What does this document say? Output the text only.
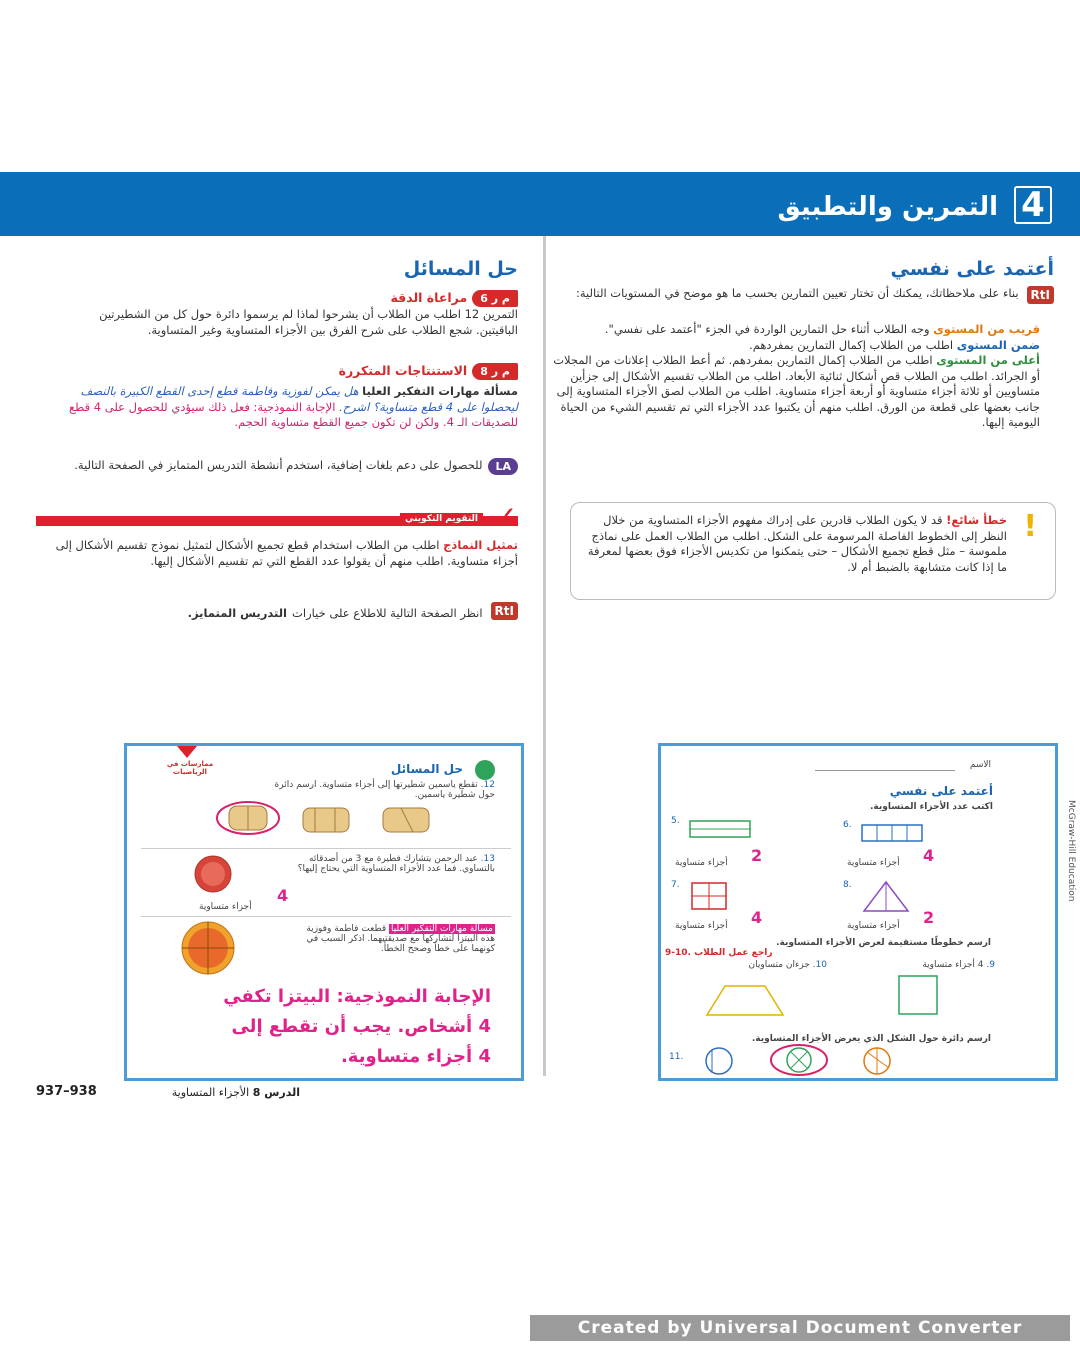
4
التمرين والتطبيق
أعتمد على نفسي
RtI
بناء على ملاحظاتك، يمكنك أن تختار تعيين التمارين بحسب ما هو موضح في المستويات التالية:
قريب من المستوى وجه الطلاب أثناء حل التمارين الواردة في الجزء "أعتمد على نفسي".
ضمن المستوى اطلب من الطلاب إكمال التمارين بمفردهم.
أعلى من المستوى اطلب من الطلاب إكمال التمارين بمفردهم. ثم أعط الطلاب إعلانات من المجلات أو الجرائد. اطلب من الطلاب قص أشكال ثنائية الأبعاد. اطلب من الطلاب تقسيم الأشكال إلى جزأين متساويين أو ثلاثة أجزاء متساوية أو أربعة أجزاء متساوية. اطلب من الطلاب لصق الأجزاء المتساوية إلى جانب بعضها على قطعة من الورق. اطلب منهم أن يكتبوا عدد الأجزاء التي تم تقسيم الشيء من الحياة اليومية إليها.
!
خطأ شائع! قد لا يكون الطلاب قادرين على إدراك مفهوم الأجزاء المتساوية من خلال النظر إلى الخطوط الفاصلة المرسومة على الشكل. اطلب من الطلاب العمل على نماذج ملموسة – مثل قطع تجميع الأشكال – حتى يتمكنوا من تكديس الأجزاء فوق بعضها لمعرفة ما إذا كانت متشابهة بالضبط أم لا.
حل المسائل
م ر 6 مراعاة الدقة
التمرين 12 اطلب من الطلاب أن يشرحوا لماذا لم يرسموا دائرة حول كل من الشطيرتين الباقيتين. شجع الطلاب على شرح الفرق بين الأجزاء المتساوية وغير المتساوية.
م ر 8 الاستنتاجات المتكررة
مسألة مهارات التفكير العليا هل يمكن لفوزية وفاطمة قطع إحدى القطع الكبيرة بالنصف ليحصلوا على 4 قطع متساوية؟ اشرح. الإجابة النموذجية: فعل ذلك سيؤدي للحصول على 4 قطع للصديقات الـ 4. ولكن لن تكون جميع القطع متساوية الحجم.
LA
للحصول على دعم بلغات إضافية، استخدم أنشطة التدريس المتمايز في الصفحة التالية.
التقويم التكويني ✓
تمثيل النماذج اطلب من الطلاب استخدام قطع تجميع الأشكال لتمثيل نموذج تقسيم الأشكال إلى أجزاء متساوية. اطلب منهم أن يقولوا عدد القطع التي تم تقسيم الأشكال إليها.
RtI
انظر الصفحة التالية للاطلاع على خيارات التدريس المتمايز.
الاسم
أعتمد على نفسي
اكتب عدد الأجزاء المتساوية.
5.
2
أجزاء متساوية
6.
4
أجزاء متساوية
7.
4
أجزاء متساوية
8.
2
أجزاء متساوية
ارسم خطوطًا مستقيمة لعرض الأجزاء المتساوية.
9-10. راجع عمل الطلاب
9. 4 أجزاء متساوية
10. جزءان متساويان
ارسم دائرة حول الشكل الذي يعرض الأجزاء المتساوية.
11.
ممارسات في الرياضيات	حل المسائل
12. تقطع ياسمين شطيرتها إلى أجزاء متساوية. ارسم دائرة حول شطيرة ياسمين.
13. عبد الرحمن يتشارك فطيرة مع 3 من أصدقائه بالتساوي. فما عدد الأجزاء المتساوية التي يحتاج إليها؟
4
أجزاء متساوية
مسألة مهارات التفكير العليا قطعت فاطمة وفوزية هذه البيتزا لتشاركها مع صديقتيهما. اذكر السبب في كونهما على خطأ وصحح الخطأ.
الإجابة النموذجية: البيتزا تكفي
4 أشخاص. يجب أن تقطع إلى
4 أجزاء متساوية.
McGraw-Hill Education
937–938	الدرس 8 الأجزاء المتساوية
Created by Universal Document Converter
